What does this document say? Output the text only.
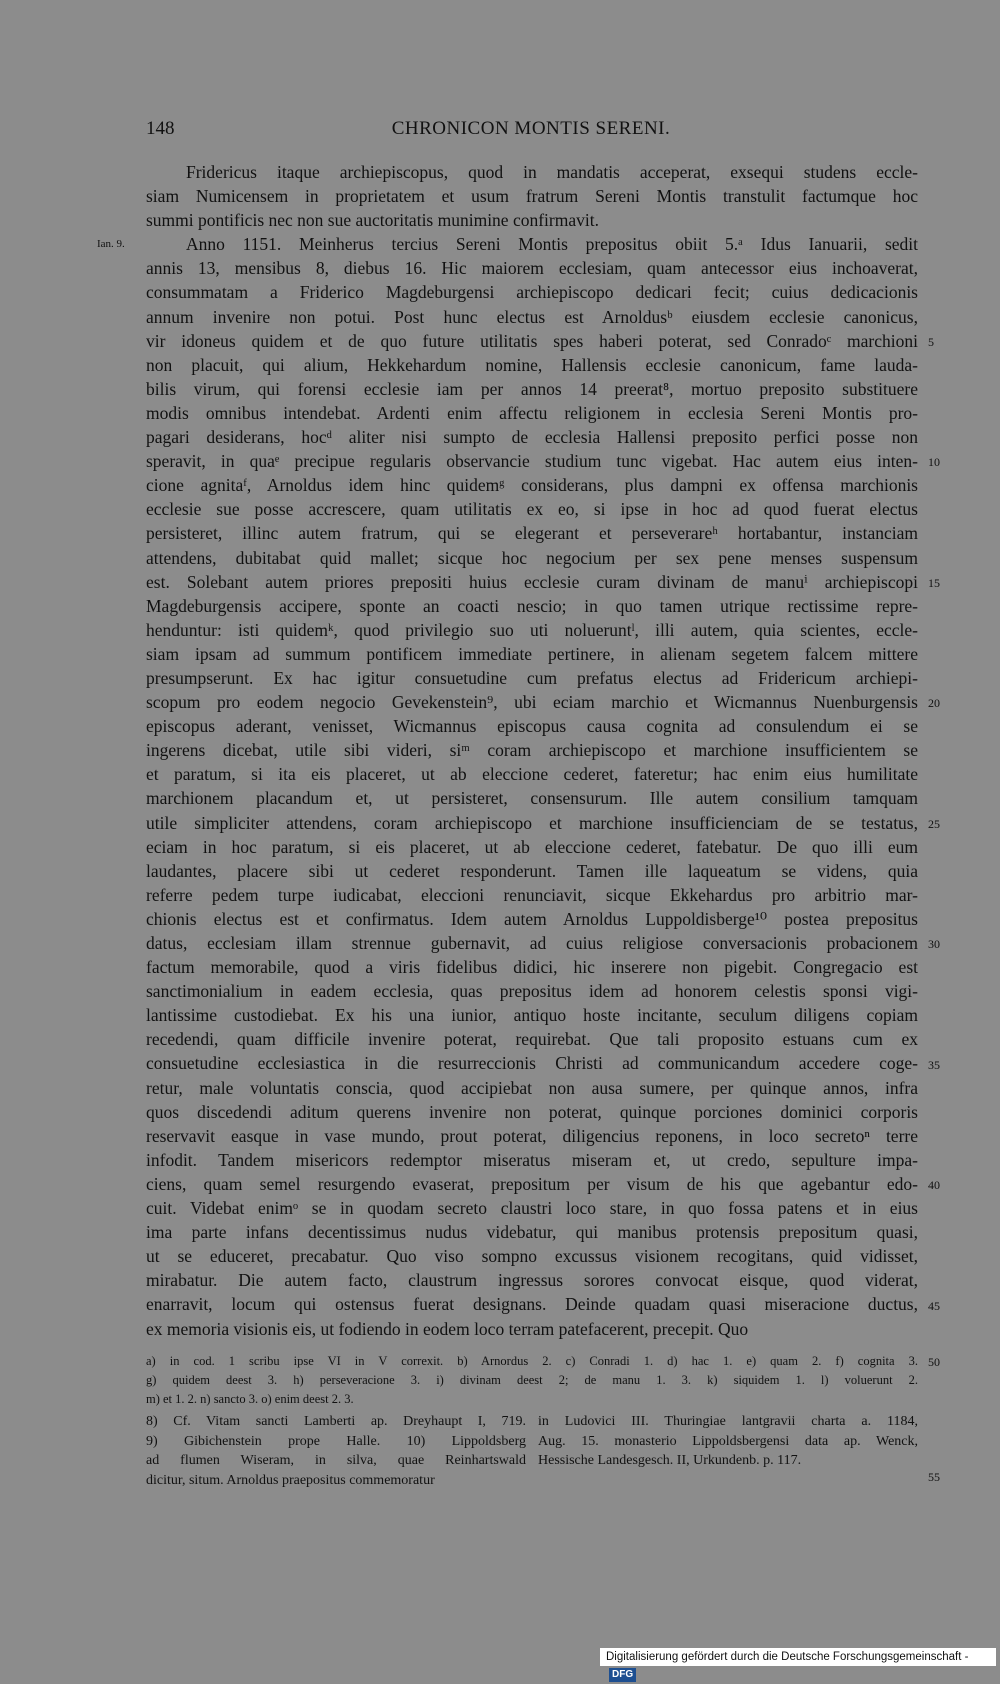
148	CHRONICON MONTIS SERENI.
Ian. 9.
Fridericus itaque archiepiscopus, quod in mandatis acceperat, exsequi studens eccle-
siam Numicensem in proprietatem et usum fratrum Sereni Montis transtulit factumque hoc
summi pontificis nec non sue auctoritatis munimine confirmavit.
Anno 1151. Meinherus tercius Sereni Montis prepositus obiit 5.ᵃ Idus Ianuarii, sedit
annis 13, mensibus 8, diebus 16. Hic maiorem ecclesiam, quam antecessor eius inchoaverat,
consummatam a Friderico Magdeburgensi archiepiscopo dedicari fecit; cuius dedicacionis
annum invenire non potui. Post hunc electus est Arnoldusᵇ eiusdem ecclesie canonicus,
vir idoneus quidem et de quo future utilitatis spes haberi poterat, sed Conradoᶜ marchioni
non placuit, qui alium, Hekkehardum nomine, Hallensis ecclesie canonicum, fame lauda-
bilis virum, qui forensi ecclesie iam per annos 14 preerat⁸, mortuo preposito substituere
modis omnibus intendebat. Ardenti enim affectu religionem in ecclesia Sereni Montis pro-
pagari desiderans, hocᵈ aliter nisi sumpto de ecclesia Hallensi preposito perfici posse non
speravit, in quaᵉ precipue regularis observancie studium tunc vigebat. Hac autem eius inten-
cione agnitaᶠ, Arnoldus idem hinc quidemᵍ considerans, plus dampni ex offensa marchionis
ecclesie sue posse accrescere, quam utilitatis ex eo, si ipse in hoc ad quod fuerat electus
persisteret, illinc autem fratrum, qui se elegerant et perseverareʰ hortabantur, instanciam
attendens, dubitabat quid mallet; sicque hoc negocium per sex pene menses suspensum
est. Solebant autem priores prepositi huius ecclesie curam divinam de manuⁱ archiepiscopi
Magdeburgensis accipere, sponte an coacti nescio; in quo tamen utrique rectissime repre-
henduntur: isti quidemᵏ, quod privilegio suo uti nolueruntˡ, illi autem, quia scientes, eccle-
siam ipsam ad summum pontificem immediate pertinere, in alienam segetem falcem mittere
presumpserunt. Ex hac igitur consuetudine cum prefatus electus ad Fridericum archiepi-
scopum pro eodem negocio Gevekenstein⁹, ubi eciam marchio et Wicmannus Nuenburgensis
episcopus aderant, venisset, Wicmannus episcopus causa cognita ad consulendum ei se
ingerens dicebat, utile sibi videri, siᵐ coram archiepiscopo et marchione insufficientem se
et paratum, si ita eis placeret, ut ab eleccione cederet, fateretur; hac enim eius humilitate
marchionem placandum et, ut persisteret, consensurum. Ille autem consilium tamquam
utile simpliciter attendens, coram archiepiscopo et marchione insufficienciam de se testatus,
eciam in hoc paratum, si eis placeret, ut ab eleccione cederet, fatebatur. De quo illi eum
laudantes, placere sibi ut cederet responderunt. Tamen ille laqueatum se videns, quia
referre pedem turpe iudicabat, eleccioni renunciavit, sicque Ekkehardus pro arbitrio mar-
chionis electus est et confirmatus. Idem autem Arnoldus Luppoldisberge¹⁰ postea prepositus
datus, ecclesiam illam strennue gubernavit, ad cuius religiose conversacionis probacionem
factum memorabile, quod a viris fidelibus didici, hic inserere non pigebit. Congregacio est
sanctimonialium in eadem ecclesia, quas prepositus idem ad honorem celestis sponsi vigi-
lantissime custodiebat. Ex his una iunior, antiquo hoste incitante, seculum diligens copiam
recedendi, quam difficile invenire poterat, requirebat. Que tali proposito estuans cum ex
consuetudine ecclesiastica in die resurreccionis Christi ad communicandum accedere coge-
retur, male voluntatis conscia, quod accipiebat non ausa sumere, per quinque annos, infra
quos discedendi aditum querens invenire non poterat, quinque porciones dominici corporis
reservavit easque in vase mundo, prout poterat, diligencius reponens, in loco secretoⁿ terre
infodit. Tandem misericors redemptor miseratus miseram et, ut credo, sepulture impa-
ciens, quam semel resurgendo evaserat, prepositum per visum de his que agebantur edo-
cuit. Videbat enimᵒ se in quodam secreto claustri loco stare, in quo fossa patens et in eius
ima parte infans decentissimus nudus videbatur, qui manibus protensis prepositum quasi,
ut se educeret, precabatur. Quo viso sompno excussus visionem recogitans, quid vidisset,
mirabatur. Die autem facto, claustrum ingressus sorores convocat eisque, quod viderat,
enarravit, locum qui ostensus fuerat designans. Deinde quadam quasi miseracione ductus,
ex memoria visionis eis, ut fodiendo in eodem loco terram patefacerent, precepit. Quo
5
10
15
20
25
30
35
40
45
a) in cod. 1 scribu ipse VI in V correxit. b) Arnordus 2. c) Conradi 1. d) hac 1. e) quam 2. f) cognita 3.
g) quidem deest 3. h) perseveracione 3. i) divinam deest 2; de manu 1. 3. k) siquidem 1. l) voluerunt 2.
m) et 1. 2. n) sancto 3. o) enim deest 2. 3.
50
8) Cf. Vitam sancti Lamberti ap. Dreyhaupt I, 719.
9) Gibichenstein prope Halle. 10) Lippoldsberg
ad flumen Wiseram, in silva, quae Reinhartswald
dicitur, situm. Arnoldus praepositus commemoratur
in Ludovici III. Thuringiae lantgravii charta a. 1184,
Aug. 15. monasterio Lippoldsbergensi data ap. Wenck,
Hessische Landesgesch. II, Urkundenb. p. 117.
55
Digitalisierung gefördert durch die Deutsche Forschungsgemeinschaft -DFG
